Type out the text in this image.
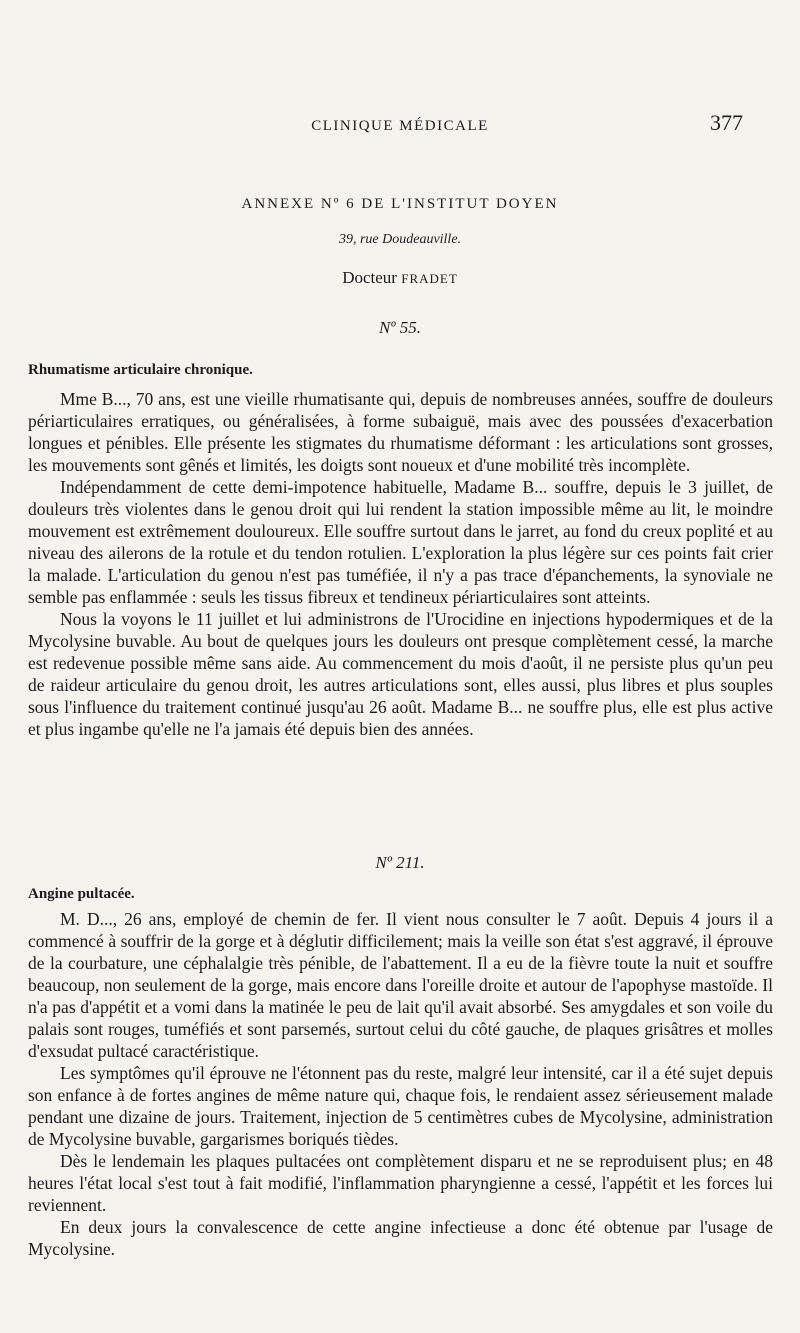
CLINIQUE MÉDICALE	377
ANNEXE Nº 6 DE L'INSTITUT DOYEN
39, rue Doudeauville.
Docteur FRADET
Nº 55.
Rhumatisme articulaire chronique.

Mme B..., 70 ans, est une vieille rhumatisante qui, depuis de nombreuses années, souffre de douleurs périarticulaires erratiques, ou généralisées, à forme subaiguë, mais avec des poussées d'exacerbation longues et pénibles. Elle présente les stigmates du rhumatisme déformant : les articulations sont grosses, les mouvements sont gênés et limités, les doigts sont noueux et d'une mobilité très incomplète.

Indépendamment de cette demi-impotence habituelle, Madame B... souffre, depuis le 3 juillet, de douleurs très violentes dans le genou droit qui lui rendent la station impossible même au lit, le moindre mouvement est extrêmement douloureux. Elle souffre surtout dans le jarret, au fond du creux poplité et au niveau des ailerons de la rotule et du tendon rotulien. L'exploration la plus légère sur ces points fait crier la malade. L'articulation du genou n'est pas tuméfiée, il n'y a pas trace d'épanchements, la synoviale ne semble pas enflammée : seuls les tissus fibreux et tendineux périarticulaires sont atteints.

Nous la voyons le 11 juillet et lui administrons de l'Urocidine en injections hypodermiques et de la Mycolysine buvable. Au bout de quelques jours les douleurs ont presque complètement cessé, la marche est redevenue possible même sans aide. Au commencement du mois d'août, il ne persiste plus qu'un peu de raideur articulaire du genou droit, les autres articulations sont, elles aussi, plus libres et plus souples sous l'influence du traitement continué jusqu'au 26 août. Madame B... ne souffre plus, elle est plus active et plus ingambe qu'elle ne l'a jamais été depuis bien des années.

Nº 211.
Angine pultacée.

M. D..., 26 ans, employé de chemin de fer. Il vient nous consulter le 7 août. Depuis 4 jours il a commencé à souffrir de la gorge et à déglutir difficilement; mais la veille son état s'est aggravé, il éprouve de la courbature, une céphalalgie très pénible, de l'abattement. Il a eu de la fièvre toute la nuit et souffre beaucoup, non seulement de la gorge, mais encore dans l'oreille droite et autour de l'apophyse mastoïde. Il n'a pas d'appétit et a vomi dans la matinée le peu de lait qu'il avait absorbé. Ses amygdales et son voile du palais sont rouges, tuméfiés et sont parsemés, surtout celui du côté gauche, de plaques grisâtres et molles d'exsudat pultacé caractéristique.

Les symptômes qu'il éprouve ne l'étonnent pas du reste, malgré leur intensité, car il a été sujet depuis son enfance à de fortes angines de même nature qui, chaque fois, le rendaient assez sérieusement malade pendant une dizaine de jours. Traitement, injection de 5 centimètres cubes de Mycolysine, administration de Mycolysine buvable, gargarismes boriqués tièdes.

Dès le lendemain les plaques pultacées ont complètement disparu et ne se reproduisent plus; en 48 heures l'état local s'est tout à fait modifié, l'inflammation pharyngienne a cessé, l'appétit et les forces lui reviennent.

En deux jours la convalescence de cette angine infectieuse a donc été obtenue par l'usage de Mycolysine.
